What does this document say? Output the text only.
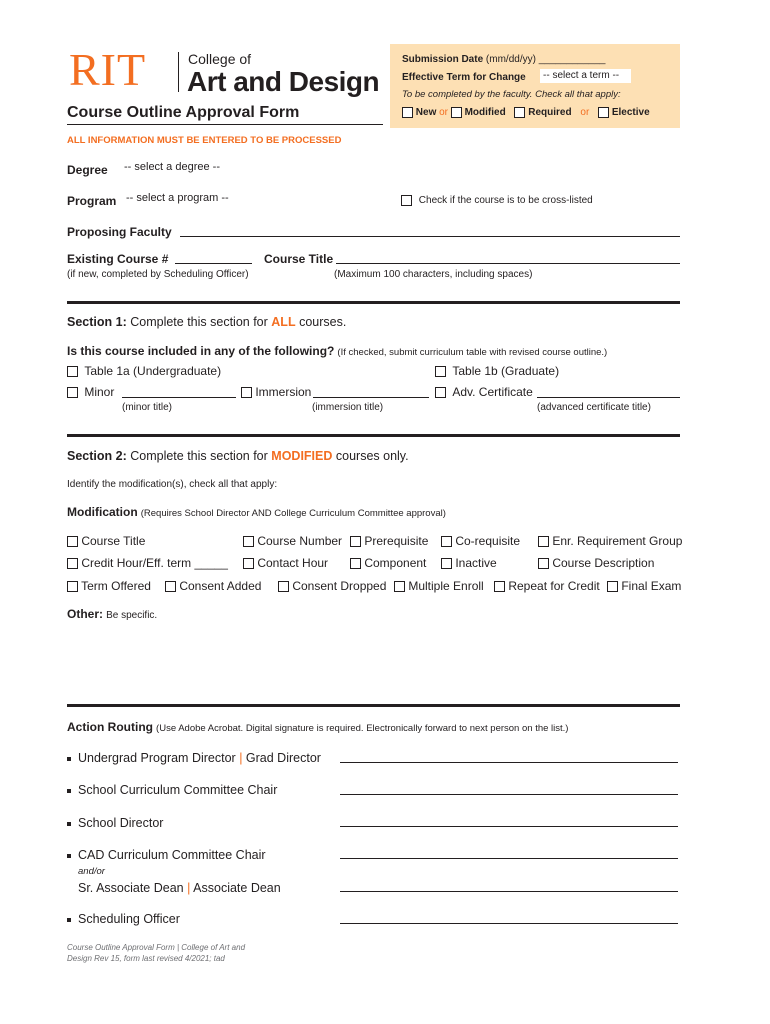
RIT	College of
Art and Design
Course Outline Approval Form
Submission Date (mm/dd/yy) ____________
Effective Term for Change	-- select a term --
To be completed by the faculty. Check all that apply:
New or Modified Required or Elective
ALL INFORMATION MUST BE ENTERED TO BE PROCESSED
Degree -- select a degree --
Program -- select a program --	Check if the course is to be cross-listed
Proposing Faculty
Existing Course #	Course Title
(if new, completed by Scheduling Officer)	(Maximum 100 characters, including spaces)
Section 1: Complete this section for ALL courses.
Is this course included in any of the following? (If checked, submit curriculum table with revised course outline.)
Table 1a (Undergraduate)	Table 1b (Graduate)
Minor	Immersion	Adv. Certificate
(minor title)	(immersion title)	(advanced certificate title)
Section 2: Complete this section for MODIFIED courses only.
Identify the modification(s), check all that apply:
Modification (Requires School Director AND College Curriculum Committee approval)
Course Title	Course Number	Prerequisite	Co-requisite	Enr. Requirement Group
Credit Hour/Eff. term _____	Contact Hour	Component	Inactive	Course Description
Term Offered	Consent Added	Consent Dropped	Multiple Enroll	Repeat for Credit	Final Exam
Other: Be specific.
Action Routing (Use Adobe Acrobat. Digital signature is required. Electronically forward to next person on the list.)
Undergrad Program Director | Grad Director
School Curriculum Committee Chair
School Director
CAD Curriculum Committee Chair
and/or
Sr. Associate Dean | Associate Dean
Scheduling Officer
Course Outline Approval Form | College of Art and
Design Rev 15, form last revised 4/2021; tad
